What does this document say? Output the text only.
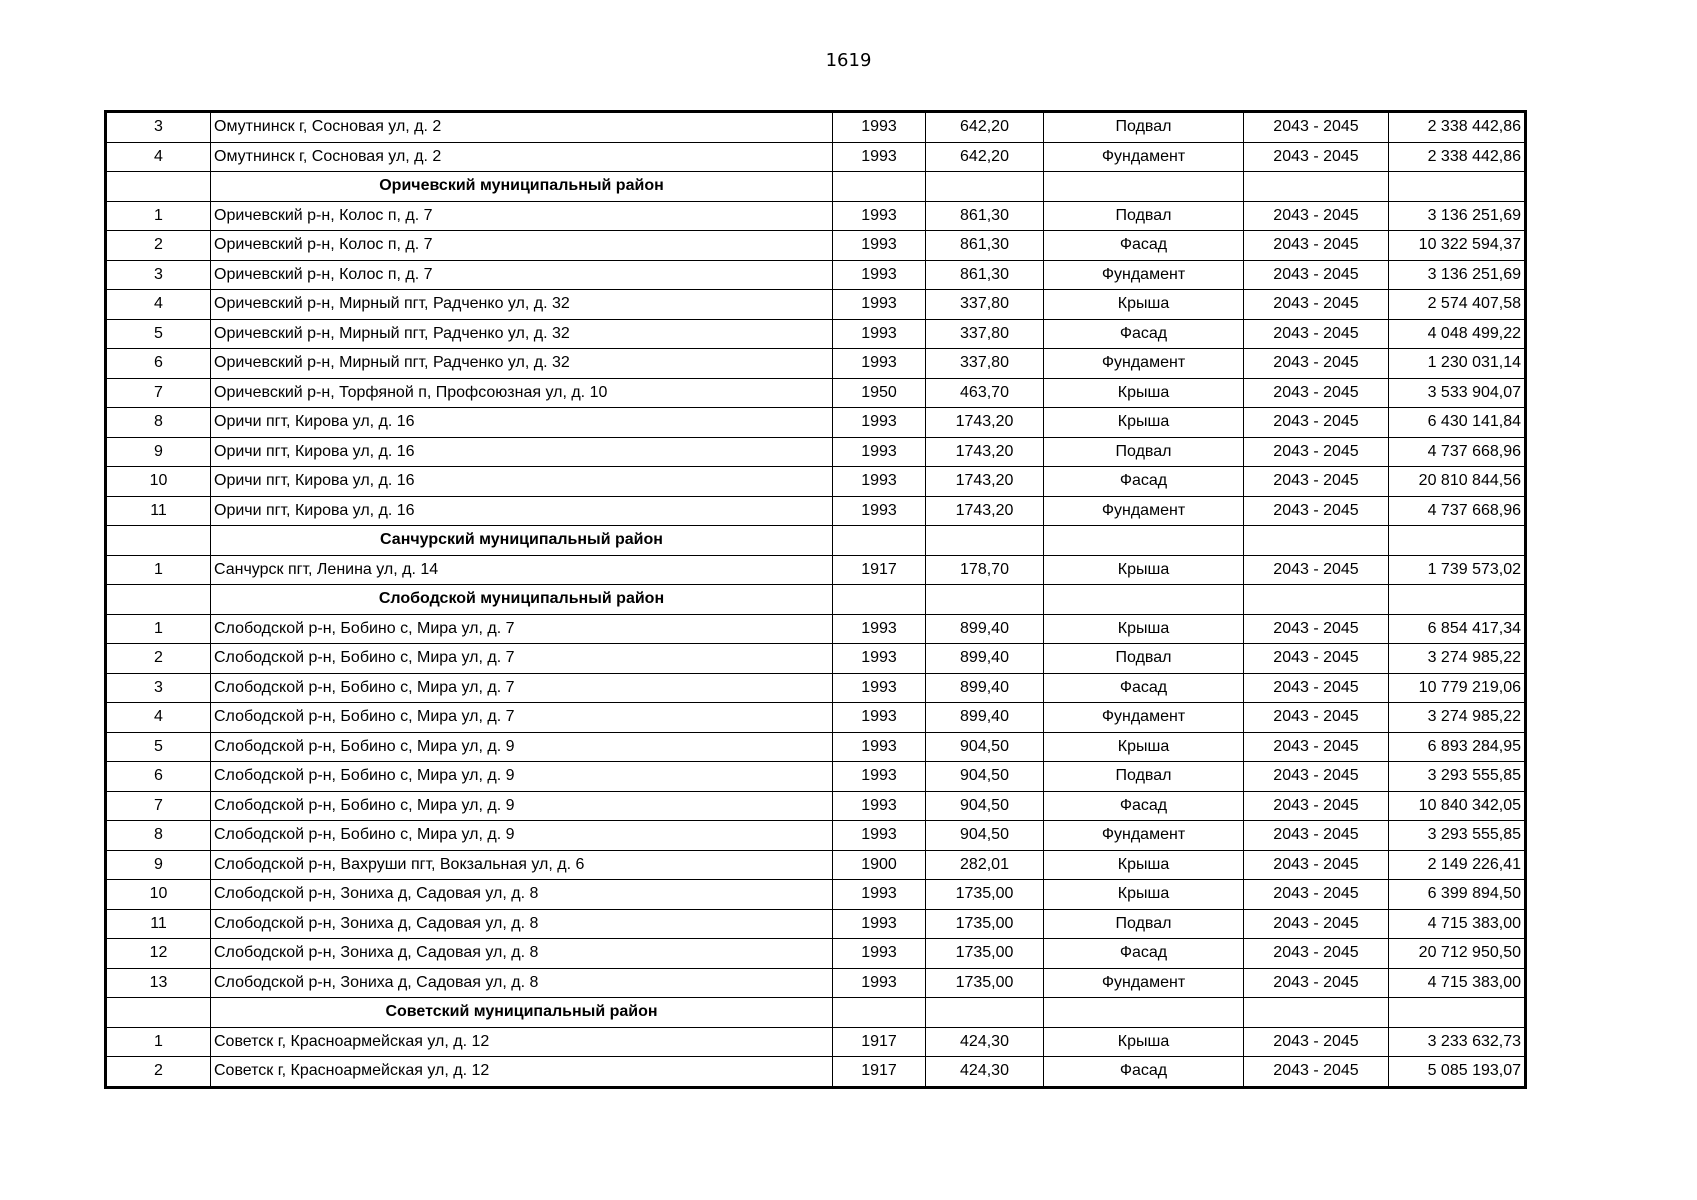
1619
3	Омутнинск г, Сосновая ул, д. 2	1993	642,20	Подвал	2043 - 2045	2 338 442,86
4	Омутнинск г, Сосновая ул, д. 2	1993	642,20	Фундамент	2043 - 2045	2 338 442,86
	Оричевский муниципальный район					
1	Оричевский р-н, Колос п, д. 7	1993	861,30	Подвал	2043 - 2045	3 136 251,69
2	Оричевский р-н, Колос п, д. 7	1993	861,30	Фасад	2043 - 2045	10 322 594,37
3	Оричевский р-н, Колос п, д. 7	1993	861,30	Фундамент	2043 - 2045	3 136 251,69
4	Оричевский р-н, Мирный пгт, Радченко ул, д. 32	1993	337,80	Крыша	2043 - 2045	2 574 407,58
5	Оричевский р-н, Мирный пгт, Радченко ул, д. 32	1993	337,80	Фасад	2043 - 2045	4 048 499,22
6	Оричевский р-н, Мирный пгт, Радченко ул, д. 32	1993	337,80	Фундамент	2043 - 2045	1 230 031,14
7	Оричевский р-н, Торфяной п, Профсоюзная ул, д. 10	1950	463,70	Крыша	2043 - 2045	3 533 904,07
8	Оричи пгт, Кирова ул, д. 16	1993	1743,20	Крыша	2043 - 2045	6 430 141,84
9	Оричи пгт, Кирова ул, д. 16	1993	1743,20	Подвал	2043 - 2045	4 737 668,96
10	Оричи пгт, Кирова ул, д. 16	1993	1743,20	Фасад	2043 - 2045	20 810 844,56
11	Оричи пгт, Кирова ул, д. 16	1993	1743,20	Фундамент	2043 - 2045	4 737 668,96
	Санчурский муниципальный район					
1	Санчурск пгт, Ленина ул, д. 14	1917	178,70	Крыша	2043 - 2045	1 739 573,02
	Слободской муниципальный район					
1	Слободской р-н, Бобино с, Мира ул, д. 7	1993	899,40	Крыша	2043 - 2045	6 854 417,34
2	Слободской р-н, Бобино с, Мира ул, д. 7	1993	899,40	Подвал	2043 - 2045	3 274 985,22
3	Слободской р-н, Бобино с, Мира ул, д. 7	1993	899,40	Фасад	2043 - 2045	10 779 219,06
4	Слободской р-н, Бобино с, Мира ул, д. 7	1993	899,40	Фундамент	2043 - 2045	3 274 985,22
5	Слободской р-н, Бобино с, Мира ул, д. 9	1993	904,50	Крыша	2043 - 2045	6 893 284,95
6	Слободской р-н, Бобино с, Мира ул, д. 9	1993	904,50	Подвал	2043 - 2045	3 293 555,85
7	Слободской р-н, Бобино с, Мира ул, д. 9	1993	904,50	Фасад	2043 - 2045	10 840 342,05
8	Слободской р-н, Бобино с, Мира ул, д. 9	1993	904,50	Фундамент	2043 - 2045	3 293 555,85
9	Слободской р-н, Вахруши пгт, Вокзальная ул, д. 6	1900	282,01	Крыша	2043 - 2045	2 149 226,41
10	Слободской р-н, Зониха д, Садовая ул, д. 8	1993	1735,00	Крыша	2043 - 2045	6 399 894,50
11	Слободской р-н, Зониха д, Садовая ул, д. 8	1993	1735,00	Подвал	2043 - 2045	4 715 383,00
12	Слободской р-н, Зониха д, Садовая ул, д. 8	1993	1735,00	Фасад	2043 - 2045	20 712 950,50
13	Слободской р-н, Зониха д, Садовая ул, д. 8	1993	1735,00	Фундамент	2043 - 2045	4 715 383,00
	Советский муниципальный район					
1	Советск г, Красноармейская ул, д. 12	1917	424,30	Крыша	2043 - 2045	3 233 632,73
2	Советск г, Красноармейская ул, д. 12	1917	424,30	Фасад	2043 - 2045	5 085 193,07
